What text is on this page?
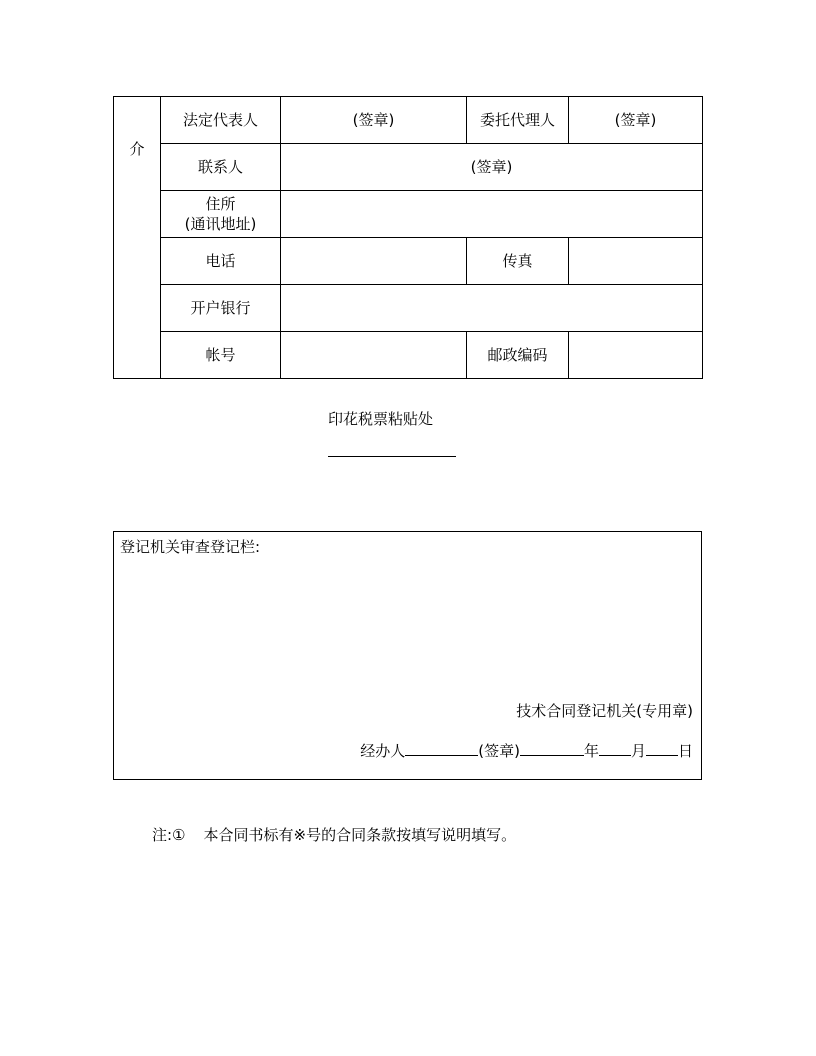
介	法定代表人	(签章)	委托代理人	(签章)
	联系人	(签章)		

	住所
(通讯地址)			

	电话		传真	
	开户银行			
	帐号		邮政编码	
印花税票粘贴处
登记机关审查登记栏:
技术合同登记机关(专用章)
经办人	(签章)	年 月 日
注:① 本合同书标有※号的合同条款按填写说明填写。
